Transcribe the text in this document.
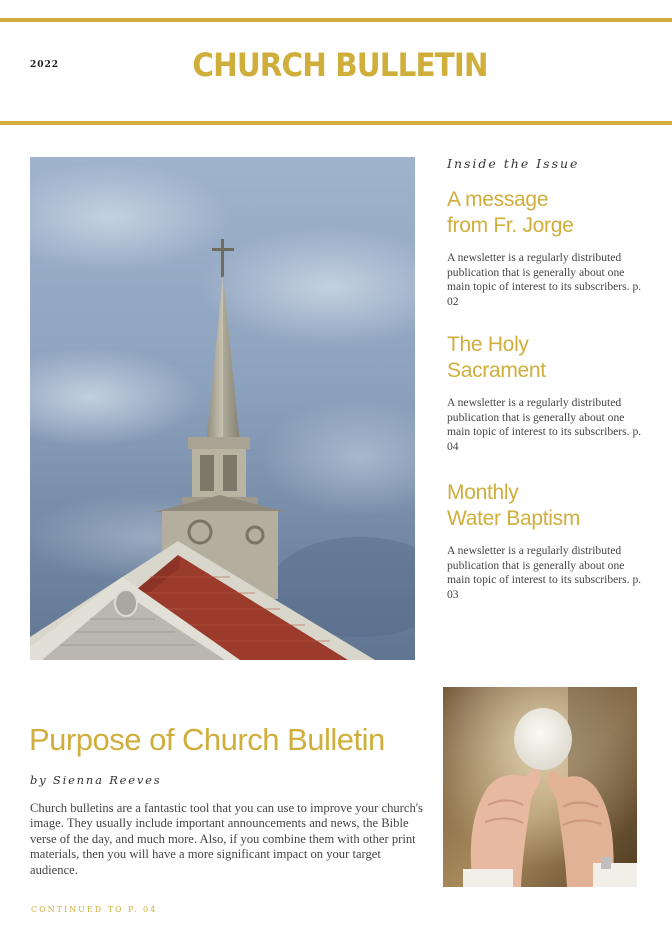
2022	CHURCH BULLETIN
Inside the Issue
A message
from Fr. Jorge

A newsletter is a regularly distributed publication that is generally about one main topic of interest to its subscribers. p. 02

The Holy
Sacrament

A newsletter is a regularly distributed publication that is generally about one main topic of interest to its subscribers. p. 04

Monthly
Water Baptism

A newsletter is a regularly distributed publication that is generally about one main topic of interest to its subscribers. p. 03

Purpose of Church Bulletin
by Sienna Reeves

Church bulletins are a fantastic tool that you can use to improve your church's image. They usually include important announcements and news, the Bible verse of the day, and much more. Also, if you combine them with other print materials, then you will have a more significant impact on your target audience.

CONTINUED TO P. 04
